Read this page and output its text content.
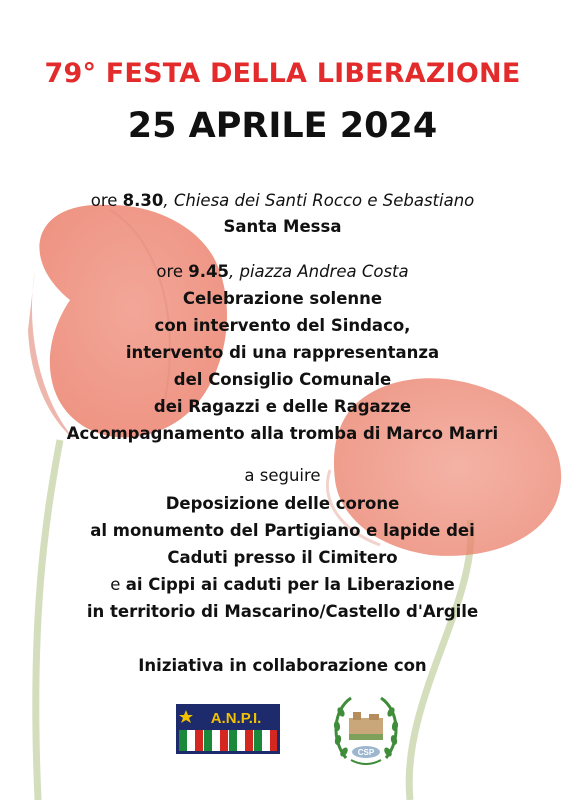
79° FESTA DELLA LIBERAZIONE
25 APRILE 2024
ore 8.30, Chiesa dei Santi Rocco e Sebastiano
Santa Messa
ore 9.45, piazza Andrea Costa
Celebrazione solenne
con intervento del Sindaco,
intervento di una rappresentanza
del Consiglio Comunale
dei Ragazzi e delle Ragazze
Accompagnamento alla tromba di Marco Marri
a seguire
Deposizione delle corone
al monumento del Partigiano e lapide dei
Caduti presso il Cimitero
e ai Cippi ai caduti per la Liberazione
in territorio di Mascarino/Castello d'Argile
Iniziativa in collaborazione con
A.N.P.I.
CSP
